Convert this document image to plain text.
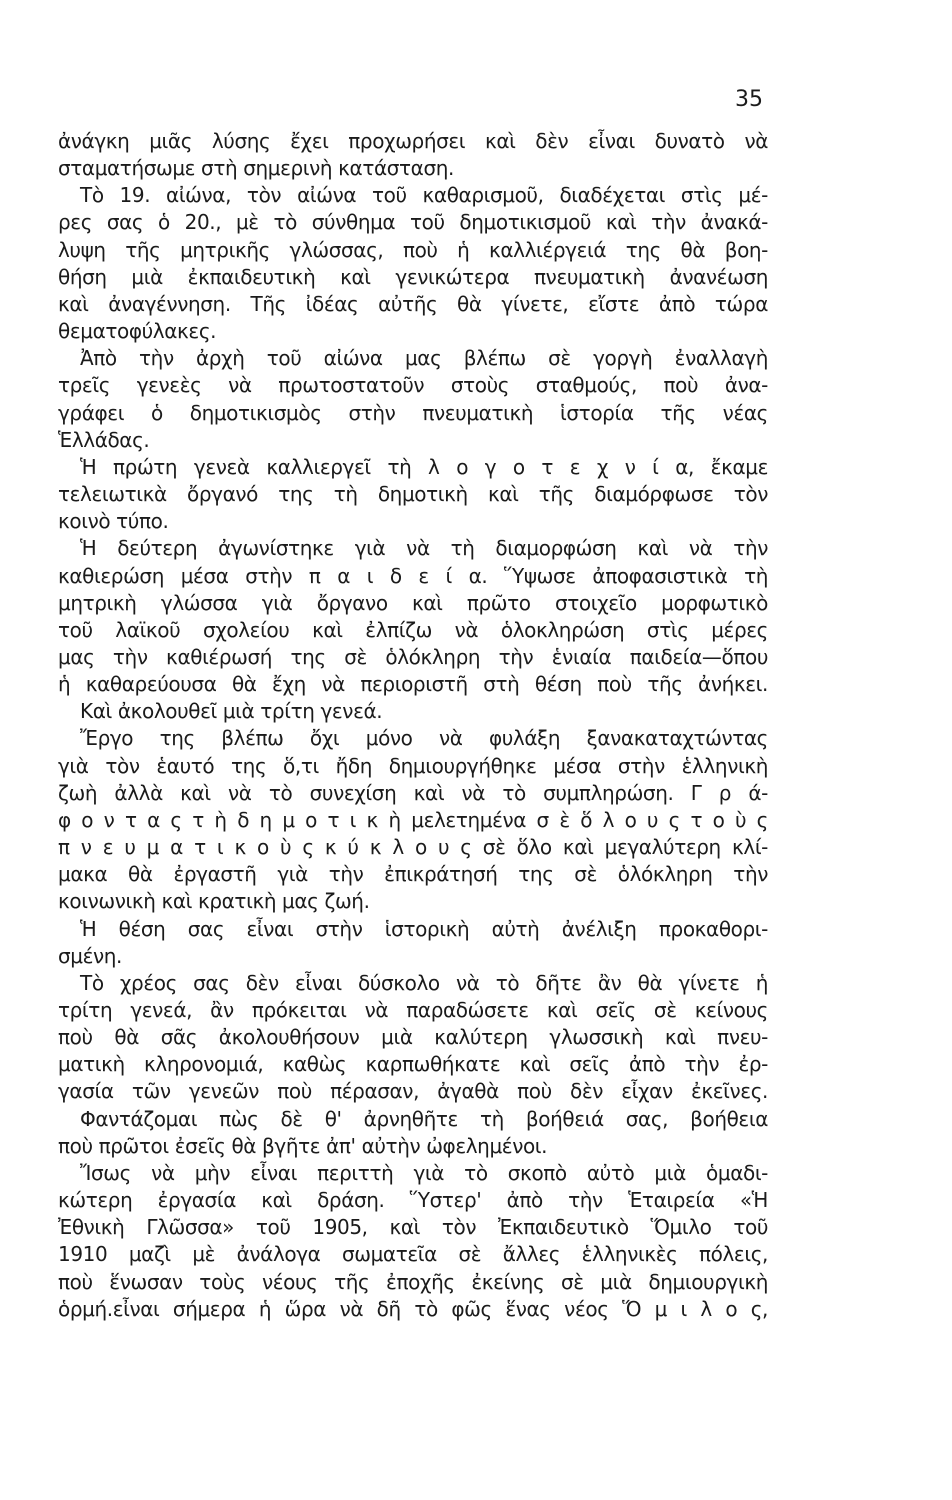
35
ἀνάγκη μιᾶς λύσης ἔχει προχωρήσει καὶ δὲν εἶναι δυνατὸ νὰ
σταματήσωμε στὴ σημερινὴ κατάσταση.
Τὸ 19. αἰώνα, τὸν αἰώνα τοῦ καθαρισμοῦ, διαδέχεται στὶς μέ-
ρες σας ὁ 20., μὲ τὸ σύνθημα τοῦ δημοτικισμοῦ καὶ τὴν ἀνακά-
λυψη τῆς μητρικῆς γλώσσας, ποὺ ἡ καλλιέργειά της θὰ βοη-
θήση μιὰ ἐκπαιδευτικὴ καὶ γενικώτερα πνευματικὴ ἀνανέωση
καὶ ἀναγέννηση. Τῆς ἰδέας αὐτῆς θὰ γίνετε, εἴστε ἀπὸ τώρα
θεματοφύλακες.
Ἀπὸ τὴν ἀρχὴ τοῦ αἰώνα μας βλέπω σὲ γοργὴ ἐναλλαγὴ
τρεῖς γενεὲς νὰ πρωτοστατοῦν στοὺς σταθμούς, ποὺ ἀνα-
γράφει ὁ δημοτικισμὸς στὴν πνευματικὴ ἱστορία τῆς νέας
Ἑλλάδας.
Ἡ πρώτη γενεὰ καλλιεργεῖ τὴ λ ο γ ο τ ε χ ν ί α, ἔκαμε
τελειωτικὰ ὄργανό της τὴ δημοτικὴ καὶ τῆς διαμόρφωσε τὸν
κοινὸ τύπο.
Ἡ δεύτερη ἀγωνίστηκε γιὰ νὰ τὴ διαμορφώση καὶ νὰ τὴν
καθιερώση μέσα στὴν π α ι δ ε ί α. Ὕψωσε ἀποφασιστικὰ τὴ
μητρικὴ γλώσσα γιὰ ὄργανο καὶ πρῶτο στοιχεῖο μορφωτικὸ
τοῦ λαϊκοῦ σχολείου καὶ ἐλπίζω νὰ ὁλοκληρώση στὶς μέρες
μας τὴν καθιέρωσή της σὲ ὁλόκληρη τὴν ἑνιαία παιδεία—ὅπου
ἡ καθαρεύουσα θὰ ἔχη νὰ περιοριστῆ στὴ θέση ποὺ τῆς ἀνήκει.
Καὶ ἀκολουθεῖ μιὰ τρίτη γενεά.
Ἔργο της βλέπω ὄχι μόνο νὰ φυλάξη ξανακαταχτώντας
γιὰ τὸν ἑαυτό της ὅ,τι ἤδη δημιουργήθηκε μέσα στὴν ἑλληνικὴ
ζωὴ ἀλλὰ καὶ νὰ τὸ συνεχίση καὶ νὰ τὸ συμπληρώση. Γ ρ ά-
φ ο ν τ α ς τ ὴ δ η μ ο τ ι κ ὴ μελετημένα σ ὲ ὅ λ ο υ ς τ ο ὺ ς
π ν ε υ μ α τ ι κ ο ὺ ς κ ύ κ λ ο υ ς σὲ ὅλο καὶ μεγαλύτερη κλί-
μακα θὰ ἐργαστῆ γιὰ τὴν ἐπικράτησή της σὲ ὁλόκληρη τὴν
κοινωνικὴ καὶ κρατικὴ μας ζωή.
Ἡ θέση σας εἶναι στὴν ἱστορικὴ αὐτὴ ἀνέλιξη προκαθορι-
σμένη.
Τὸ χρέος σας δὲν εἶναι δύσκολο νὰ τὸ δῆτε ἂν θὰ γίνετε ἡ
τρίτη γενεά, ἂν πρόκειται νὰ παραδώσετε καὶ σεῖς σὲ κείνους
ποὺ θὰ σᾶς ἀκολουθήσουν μιὰ καλύτερη γλωσσικὴ καὶ πνευ-
ματικὴ κληρονομιά, καθὼς καρπωθήκατε καὶ σεῖς ἀπὸ τὴν ἐρ-
γασία τῶν γενεῶν ποὺ πέρασαν, ἀγαθὰ ποὺ δὲν εἶχαν ἐκεῖνες.
Φαντάζομαι πὼς δὲ θ' ἀρνηθῆτε τὴ βοήθειά σας, βοήθεια
ποὺ πρῶτοι ἐσεῖς θὰ βγῆτε ἀπ' αὐτὴν ὠφελημένοι.
Ἴσως νὰ μὴν εἶναι περιττὴ γιὰ τὸ σκοπὸ αὐτὸ μιὰ ὁμαδι-
κώτερη ἐργασία καὶ δράση. Ὕστερ' ἀπὸ τὴν Ἑταιρεία «Ἡ
Ἐθνικὴ Γλῶσσα» τοῦ 1905, καὶ τὸν Ἐκπαιδευτικὸ Ὅμιλο τοῦ
1910 μαζὶ μὲ ἀνάλογα σωματεῖα σὲ ἄλλες ἑλληνικὲς πόλεις,
ποὺ ἕνωσαν τοὺς νέους τῆς ἐποχῆς ἐκείνης σὲ μιὰ δημιουργικὴ
ὁρμή.εἶναι σήμερα ἡ ὥρα νὰ δῆ τὸ φῶς ἕνας νέος Ὅ μ ι λ ο ς,
